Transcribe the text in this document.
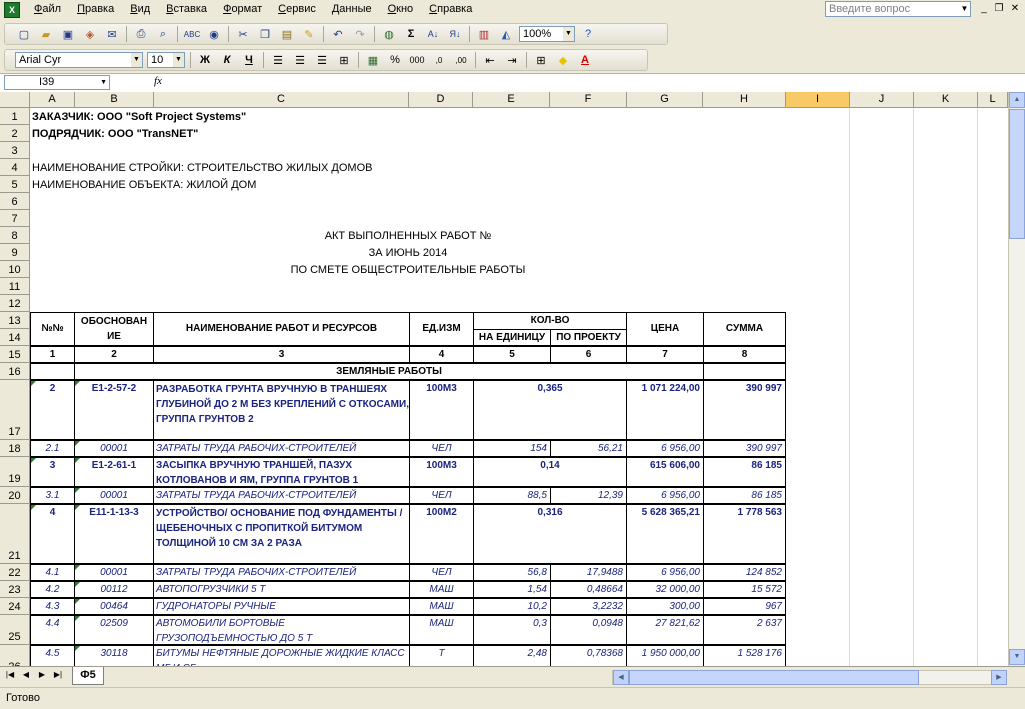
X	Файл	Правка	Вид	Вставка	Формат	Сервис	Данные	Окно	Справка	Введите вопрос	▼	_ ❐ ✕
▢	▰	▣	◈	✉	⎙	⌕	ABC ◉	✂	❐	▤	✎	↶	↷	◍	Σ	A↓	Я↓	▥	◭	100% ▼	?
Arial Cyr	▼ 10 ▼	Ж	К	Ч	☰	☰	☰	⊞	▦	%	000	,0	,00	⇤	⇥	⊞	◆	A
I39	▼	fx
A	B	C	D	E	F	G	H	I	J	K	L
1
2
3
4
5
6
7
8
9
10
11
12
13
14
15
16
17
18
19
20
21
22
23
24
25
ЗАКАЗЧИК: ООО "Soft Project Systems"
ПОДРЯДЧИК: ООО "TransNET"
НАИМЕНОВАНИЕ СТРОЙКИ: СТРОИТЕЛЬСТВО ЖИЛЫХ ДОМОВ
НАИМЕНОВАНИЕ ОБЪЕКТА: ЖИЛОЙ ДОМ
АКТ ВЫПОЛНЕННЫХ РАБОТ №
ЗА ИЮНЬ 2014
ПО СМЕТЕ ОБЩЕСТРОИТЕЛЬНЫЕ РАБОТЫ
№№
ОБОСНОВАН ИЕ
НАИМЕНОВАНИЕ РАБОТ И РЕСУРСОВ	ЕД.ИЗМ
КОЛ-ВО
НА ЕДИНИЦУ	ПО ПРОЕКТУ
ЦЕНА	СУММА
1	2	3	4	5	6	7	8
ЗЕМЛЯНЫЕ РАБОТЫ
2	Е1-2-57-2	РАЗРАБОТКА ГРУНТА ВРУЧНУЮ В ТРАНШЕЯХ ГЛУБИНОЙ ДО 2 М БЕЗ КРЕПЛЕНИЙ С ОТКОСАМИ, ГРУППА ГРУНТОВ 2
100М3	0,365	1 071 224,00	390 997
2.1	00001	ЗАТРАТЫ ТРУДА РАБОЧИХ-СТРОИТЕЛЕЙ	ЧЕЛ	154	56,21	6 956,00	390 997
3	Е1-2-61-1	ЗАСЫПКА ВРУЧНУЮ ТРАНШЕЙ, ПАЗУХ КОТЛОВАНОВ И ЯМ, ГРУППА ГРУНТОВ 1
100М3	0,14	615 606,00	86 185
3.1	00001	ЗАТРАТЫ ТРУДА РАБОЧИХ-СТРОИТЕЛЕЙ	ЧЕЛ	88,5	12,39	6 956,00	86 185
4	Е11-1-13-3	УСТРОЙСТВО/ ОСНОВАНИЕ ПОД ФУНДАМЕНТЫ / ЩЕБЕНОЧНЫХ С ПРОПИТКОЙ БИТУМОМ ТОЛЩИНОЙ 10 СМ ЗА 2 РАЗА
100М2	0,316	5 628 365,21	1 778 563
4.1	00001	ЗАТРАТЫ ТРУДА РАБОЧИХ-СТРОИТЕЛЕЙ	ЧЕЛ	56,8	17,9488	6 956,00	124 852
4.2	00112	АВТОПОГРУЗЧИКИ 5 Т	МАШ	1,54	0,48664	32 000,00	15 572
4.3	00464	ГУДРОНАТОРЫ РУЧНЫЕ	МАШ	10,2	3,2232	300,00	967
4.4	02509	АВТОМОБИЛИ БОРТОВЫЕ ГРУЗОПОДЪЕМНОСТЬЮ ДО 5 Т
МАШ	0,3	0,0948	27 821,62	2 637
4.5	30118	БИТУМЫ НЕФТЯНЫЕ ДОРОЖНЫЕ ЖИДКИЕ КЛАСС	Т	2,48	0,78368	1 950 000,00	1 528 176
▲
▼
|◀	◀	▶	▶|	Ф5	◀	▶
Готово
